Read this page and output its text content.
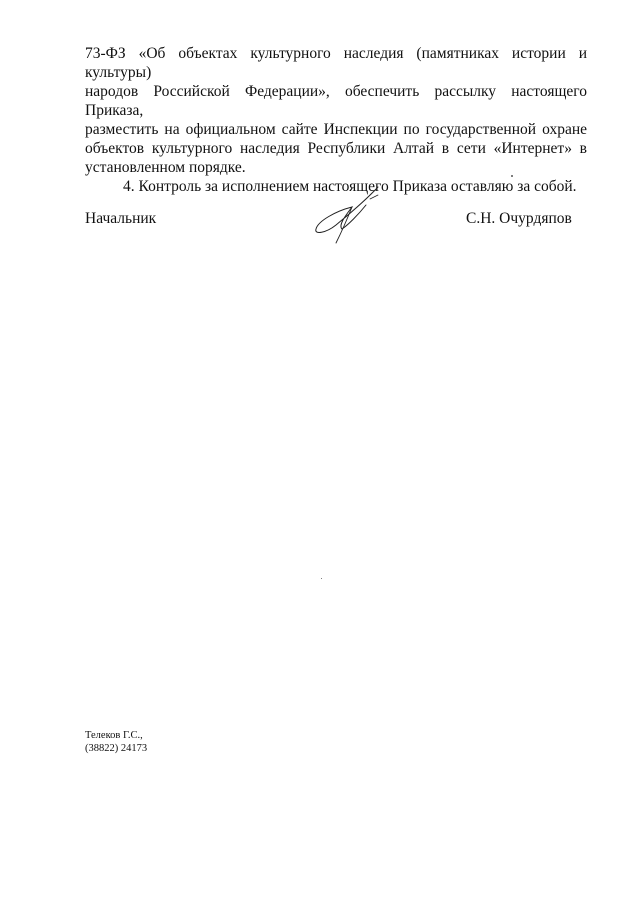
73-ФЗ «Об объектах культурного наследия (памятниках истории и культуры)
народов Российской Федерации», обеспечить рассылку настоящего Приказа,
разместить на официальном сайте Инспекции по государственной охране
объектов культурного наследия Республики Алтай в сети «Интернет» в
установленном порядке.
4. Контроль за исполнением настоящего Приказа оставляю за собой.
Начальник	С.Н. Очурдяпов
Телеков Г.С.,
(38822) 24173
